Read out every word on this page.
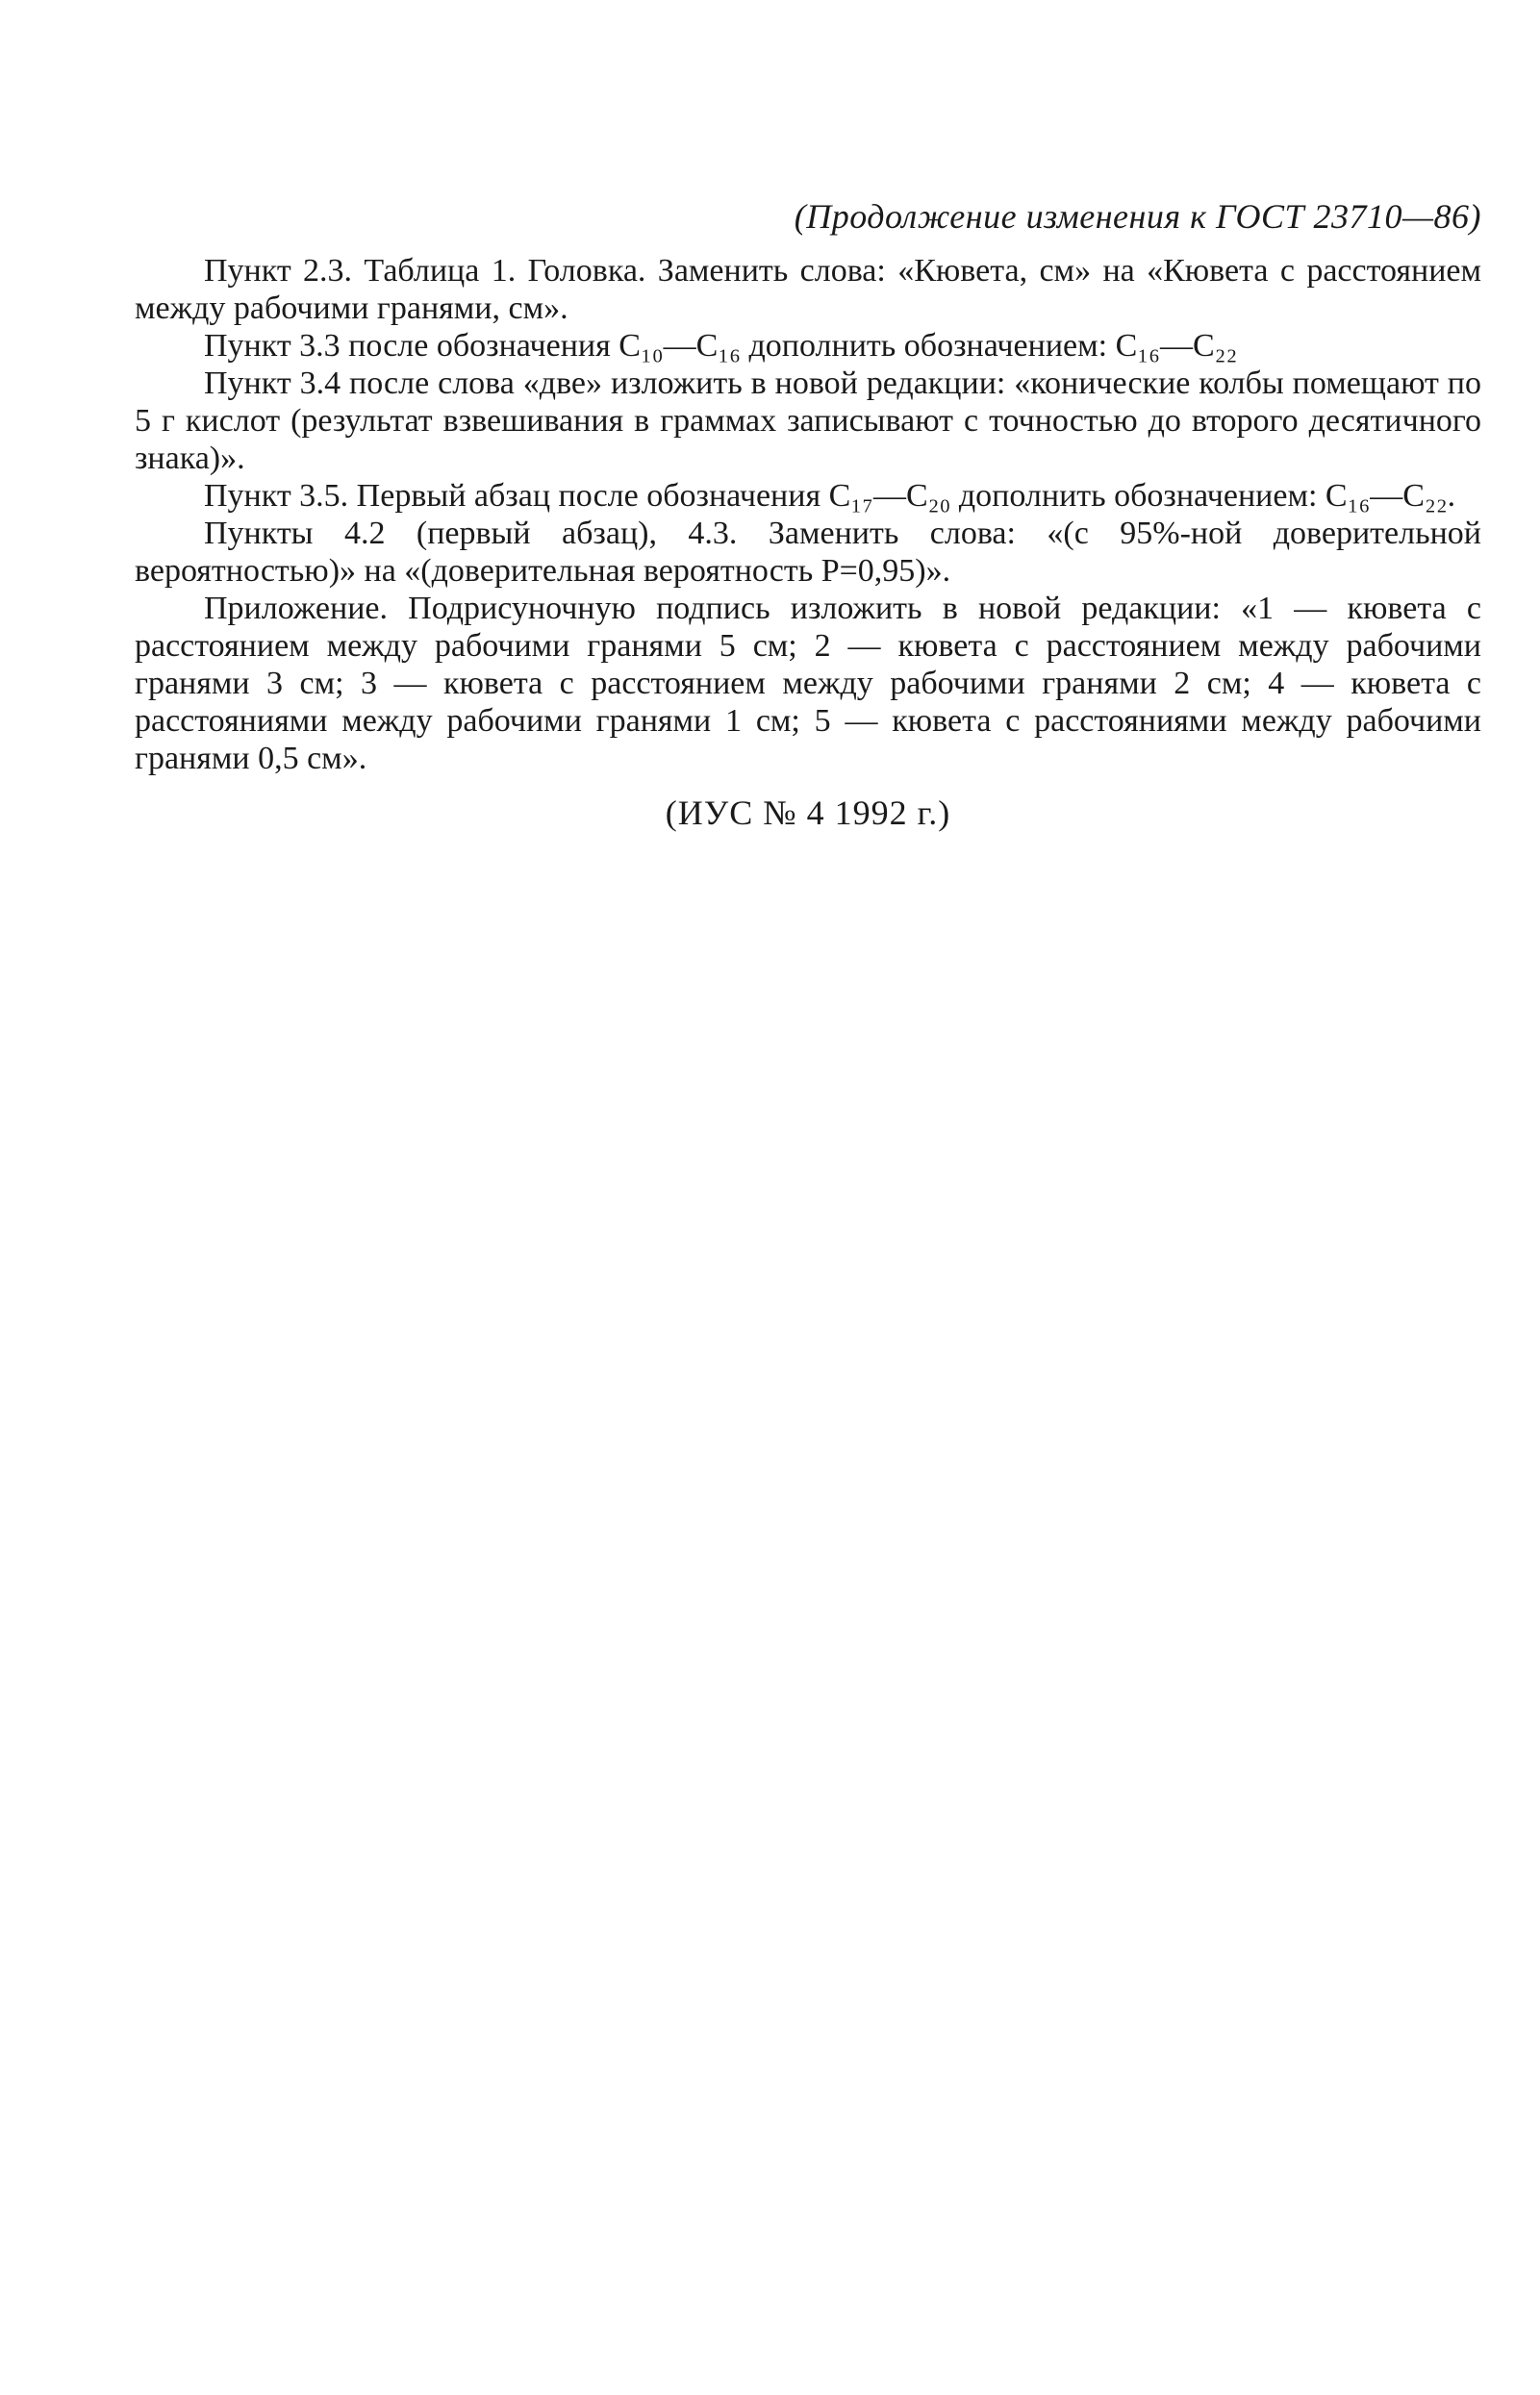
(Продолжение изменения к ГОСТ 23710—86)

Пункт 2.3. Таблица 1. Головка. Заменить слова: «Кювета, см» на «Кювета с расстоянием между рабочими гранями, см».

Пункт 3.3 после обозначения C₁₀—C₁₆ дополнить обозначением: C₁₆—C₂₂

Пункт 3.4 после слова «две» изложить в новой редакции: «конические колбы помещают по 5 г кислот (результат взвешивания в граммах записывают с точностью до второго десятичного знака)».

Пункт 3.5. Первый абзац после обозначения C₁₇—C₂₀ дополнить обозначением: C₁₆—C₂₂.

Пункты 4.2 (первый абзац), 4.3. Заменить слова: «(с 95%-ной доверительной вероятностью)» на «(доверительная вероятность P=0,95)».

Приложение. Подрисуночную подпись изложить в новой редакции: «1 — кювета с расстоянием между рабочими гранями 5 см; 2 — кювета с расстоянием между рабочими гранями 3 см; 3 — кювета с расстоянием между рабочими гранями 2 см; 4 — кювета с расстояниями между рабочими гранями 1 см; 5 — кювета с расстояниями между рабочими гранями 0,5 см».

(ИУС № 4 1992 г.)
